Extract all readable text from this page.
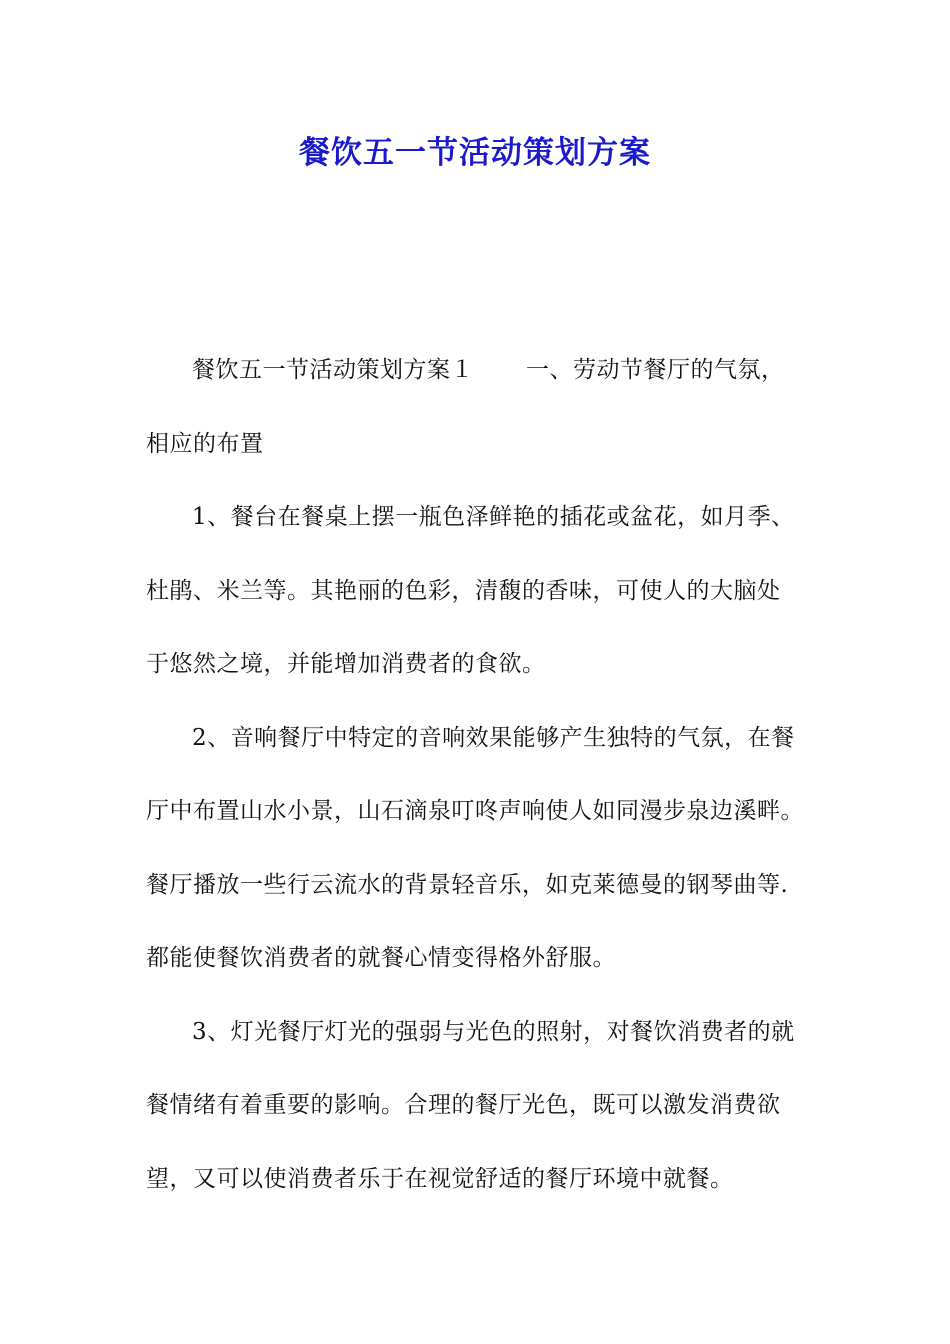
餐饮五一节活动策划方案
餐饮五一节活动策划方案１ 一、劳动节餐厅的气氛，
相应的布置
1、餐台在餐桌上摆一瓶色泽鲜艳的插花或盆花，如月季、
杜鹃、米兰等。其艳丽的色彩，清馥的香味，可使人的大脑处
于悠然之境，并能增加消费者的食欲。
2、音响餐厅中特定的音响效果能够产生独特的气氛，在餐
厅中布置山水小景，山石滴泉叮咚声响使人如同漫步泉边溪畔。
餐厅播放一些行云流水的背景轻音乐，如克莱德曼的钢琴曲等.
都能使餐饮消费者的就餐心情变得格外舒服。
3、灯光餐厅灯光的强弱与光色的照射，对餐饮消费者的就
餐情绪有着重要的影响。合理的餐厅光色，既可以激发消费欲
望，又可以使消费者乐于在视觉舒适的餐厅环境中就餐。
